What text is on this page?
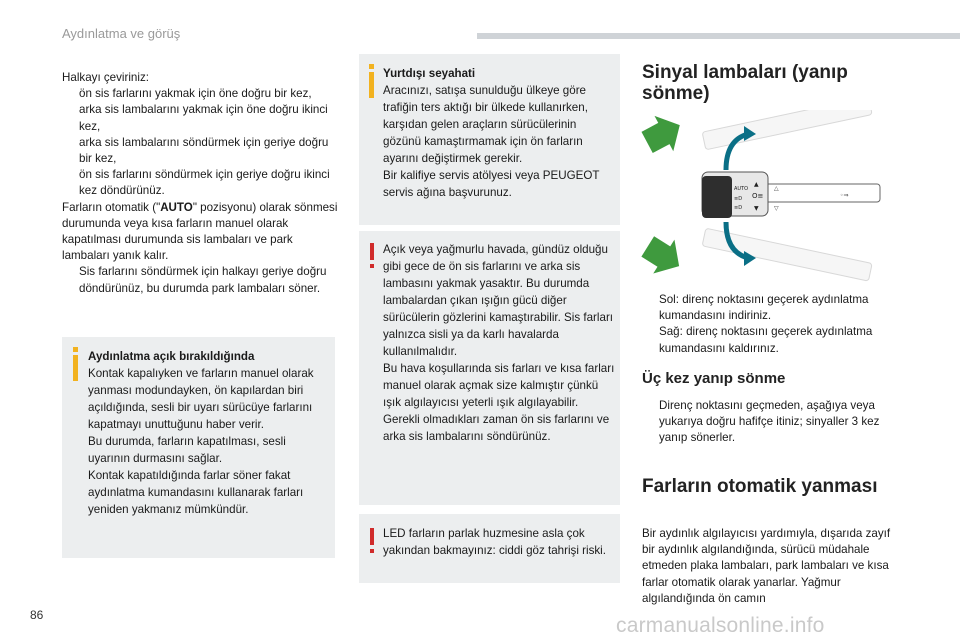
Aydınlatma ve görüş
Halkayı çeviriniz:
ön sis farlarını yakmak için öne doğru bir kez,
arka sis lambalarını yakmak için öne doğru ikinci kez,
arka sis lambalarını söndürmek için geriye doğru bir kez,
ön sis farlarını söndürmek için geriye doğru ikinci kez döndürünüz.
Farların otomatik ("AUTO" pozisyonu) olarak sönmesi durumunda veya kısa farların manuel olarak kapatılması durumunda sis lambaları ve park lambaları yanık kalır.
Sis farlarını söndürmek için halkayı geriye doğru döndürünüz, bu durumda park lambaları söner.
Aydınlatma açık bırakıldığında
Kontak kapalıyken ve farların manuel olarak yanması modundayken, ön kapılardan biri açıldığında, sesli bir uyarı sürücüye farlarını kapatmayı unuttuğunu haber verir.
Bu durumda, farların kapatılması, sesli uyarının durmasını sağlar.
Kontak kapatıldığında farlar söner fakat aydınlatma kumandasını kullanarak farları yeniden yakmanız mümkündür.
Yurtdışı seyahati
Aracınızı, satışa sunulduğu ülkeye göre trafiğin ters aktığı bir ülkede kullanırken, karşıdan gelen araçların sürücülerinin gözünü kamaştırmamak için ön farların ayarını değiştirmek gerekir.
Bir kalifiye servis atölyesi veya PEUGEOT servis ağına başvurunuz.
Açık veya yağmurlu havada, gündüz olduğu gibi gece de ön sis farlarını ve arka sis lambasını yakmak yasaktır. Bu durumda lambalardan çıkan ışığın gücü diğer sürücülerin gözlerini kamaştırabilir. Sis farları yalnızca sisli ya da karlı havalarda kullanılmalıdır.
Bu hava koşullarında sis farları ve kısa farları manuel olarak açmak size kalmıştır çünkü ışık algılayıcısı yeterli ışık algılayabilir.
Gerekli olmadıkları zaman ön sis farlarını ve arka sis lambalarını söndürünüz.
LED farların parlak huzmesine asla çok yakından bakmayınız: ciddi göz tahrişi riski.
Sinyal lambaları (yanıp sönme)
AUTO
≡D
≡D
▲
▼
O≡
△
▽
◦⇒
Sol: direnç noktasını geçerek aydınlatma kumandasını indiriniz.
Sağ: direnç noktasını geçerek aydınlatma kumandasını kaldırınız.
Üç kez yanıp sönme
Direnç noktasını geçmeden, aşağıya veya yukarıya doğru hafifçe itiniz; sinyaller 3 kez yanıp sönerler.
Farların otomatik yanması
Bir aydınlık algılayıcısı yardımıyla, dışarıda zayıf bir aydınlık algılandığında, sürücü müdahale etmeden plaka lambaları, park lambaları ve kısa farlar otomatik olarak yanarlar. Yağmur algılandığında ön camın
86	carmanualsonline.info
